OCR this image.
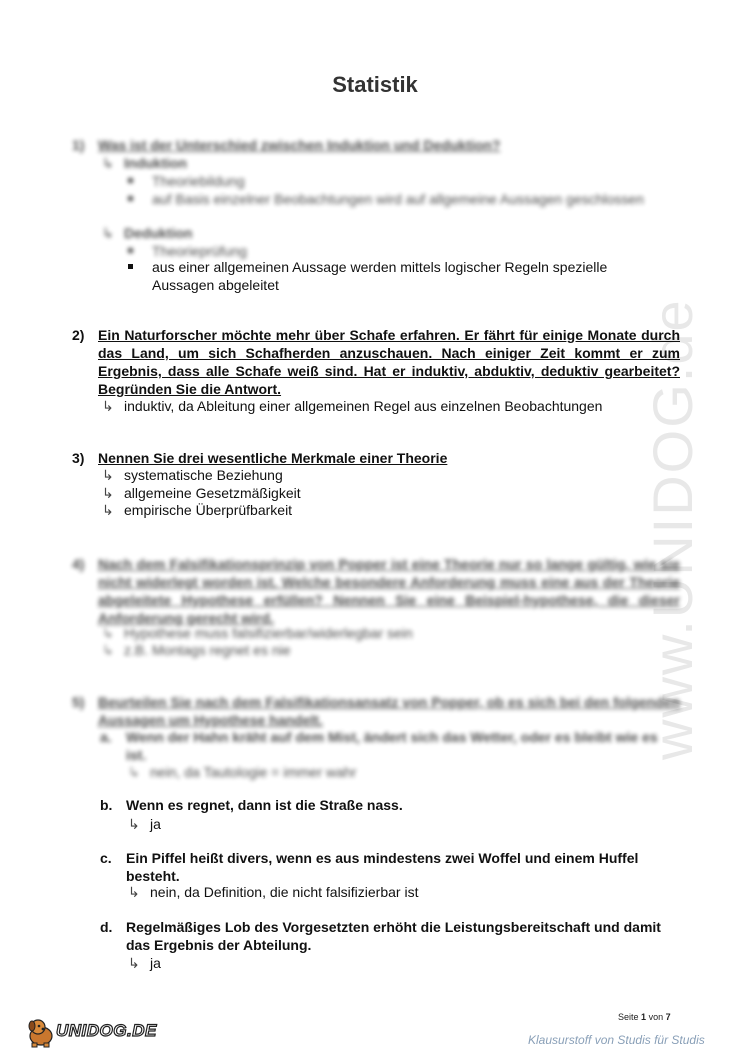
www.UNIDOG.de
Statistik
1) Was ist der Unterschied zwischen Induktion und Deduktion?
↳ Induktion
Theoriebildung
auf Basis einzelner Beobachtungen wird auf allgemeine Aussagen geschlossen
↳ Deduktion
Theorieprüfung
aus einer allgemeinen Aussage werden mittels logischer Regeln spezielle Aussagen abgeleitet
2) Ein Naturforscher möchte mehr über Schafe erfahren. Er fährt für einige Monate durch das Land, um sich Schafherden anzuschauen. Nach einiger Zeit kommt er zum Ergebnis, dass alle Schafe weiß sind. Hat er induktiv, abduktiv, deduktiv gearbeitet? Begründen Sie die Antwort.
↳ induktiv, da Ableitung einer allgemeinen Regel aus einzelnen Beobachtungen
3) Nennen Sie drei wesentliche Merkmale einer Theorie
↳ systematische Beziehung
↳ allgemeine Gesetzmäßigkeit
↳ empirische Überprüfbarkeit
4) Nach dem Falsifikationsprinzip von Popper ist eine Theorie nur so lange gültig, wie sie nicht widerlegt worden ist. Welche besondere Anforderung muss eine aus der Theorie abgeleitete Hypothese erfüllen? Nennen Sie eine Beispiel-hypothese, die dieser Anforderung gerecht wird.
↳ Hypothese muss falsifizierbar/widerlegbar sein
↳ z.B. Montags regnet es nie
5) Beurteilen Sie nach dem Falsifikationsansatz von Popper, ob es sich bei den folgenden Aussagen um Hypothese handelt.
a.	Wenn der Hahn kräht auf dem Mist, ändert sich das Wetter, oder es bleibt wie es ist.
↳ nein, da Tautologie = immer wahr
b. Wenn es regnet, dann ist die Straße nass.
↳ ja
c.	Ein Piffel heißt divers, wenn es aus mindestens zwei Woffel und einem Huffel besteht.
↳ nein, da Definition, die nicht falsifizierbar ist
d. Regelmäßiges Lob des Vorgesetzten erhöht die Leistungsbereitschaft und damit das Ergebnis der Abteilung.
↳ ja
Seite 1 von 7
UNIDOG.DE	Klausurstoff von Studis für Studis
